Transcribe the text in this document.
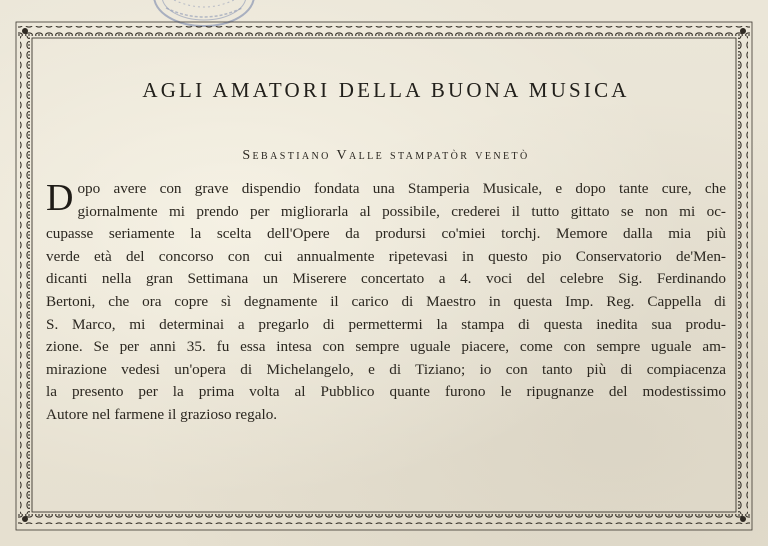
AGLI AMATORI DELLA BUONA MUSICA
Sebastiano Valle stampatòr venetò
D opo avere con grave dispendio fondata una Stamperia Musicale, e dopo tante cure, che
giornalmente mi prendo per migliorarla al possibile, crederei il tutto gittato se non mi oc-
cupasse seriamente la scelta dell'Opere da prodursi co'miei torchj. Memore dalla mia più
verde età del concorso con cui annualmente ripetevasi in questo pio Conservatorio de'Men-
dicanti nella gran Settimana un Miserere concertato a 4. voci del celebre Sig. Ferdinando
Bertoni, che ora copre sì degnamente il carico di Maestro in questa Imp. Reg. Cappella di
S. Marco, mi determinai a pregarlo di permettermi la stampa di questa inedita sua produ-
zione. Se per anni 35. fu essa intesa con sempre uguale piacere, come con sempre uguale am-
mirazione vedesi un'opera di Michelangelo, e di Tiziano; io con tanto più di compiacenza
la presento per la prima volta al Pubblico quante furono le ripugnanze del modestissimo
Autore nel farmene il grazioso regalo.
